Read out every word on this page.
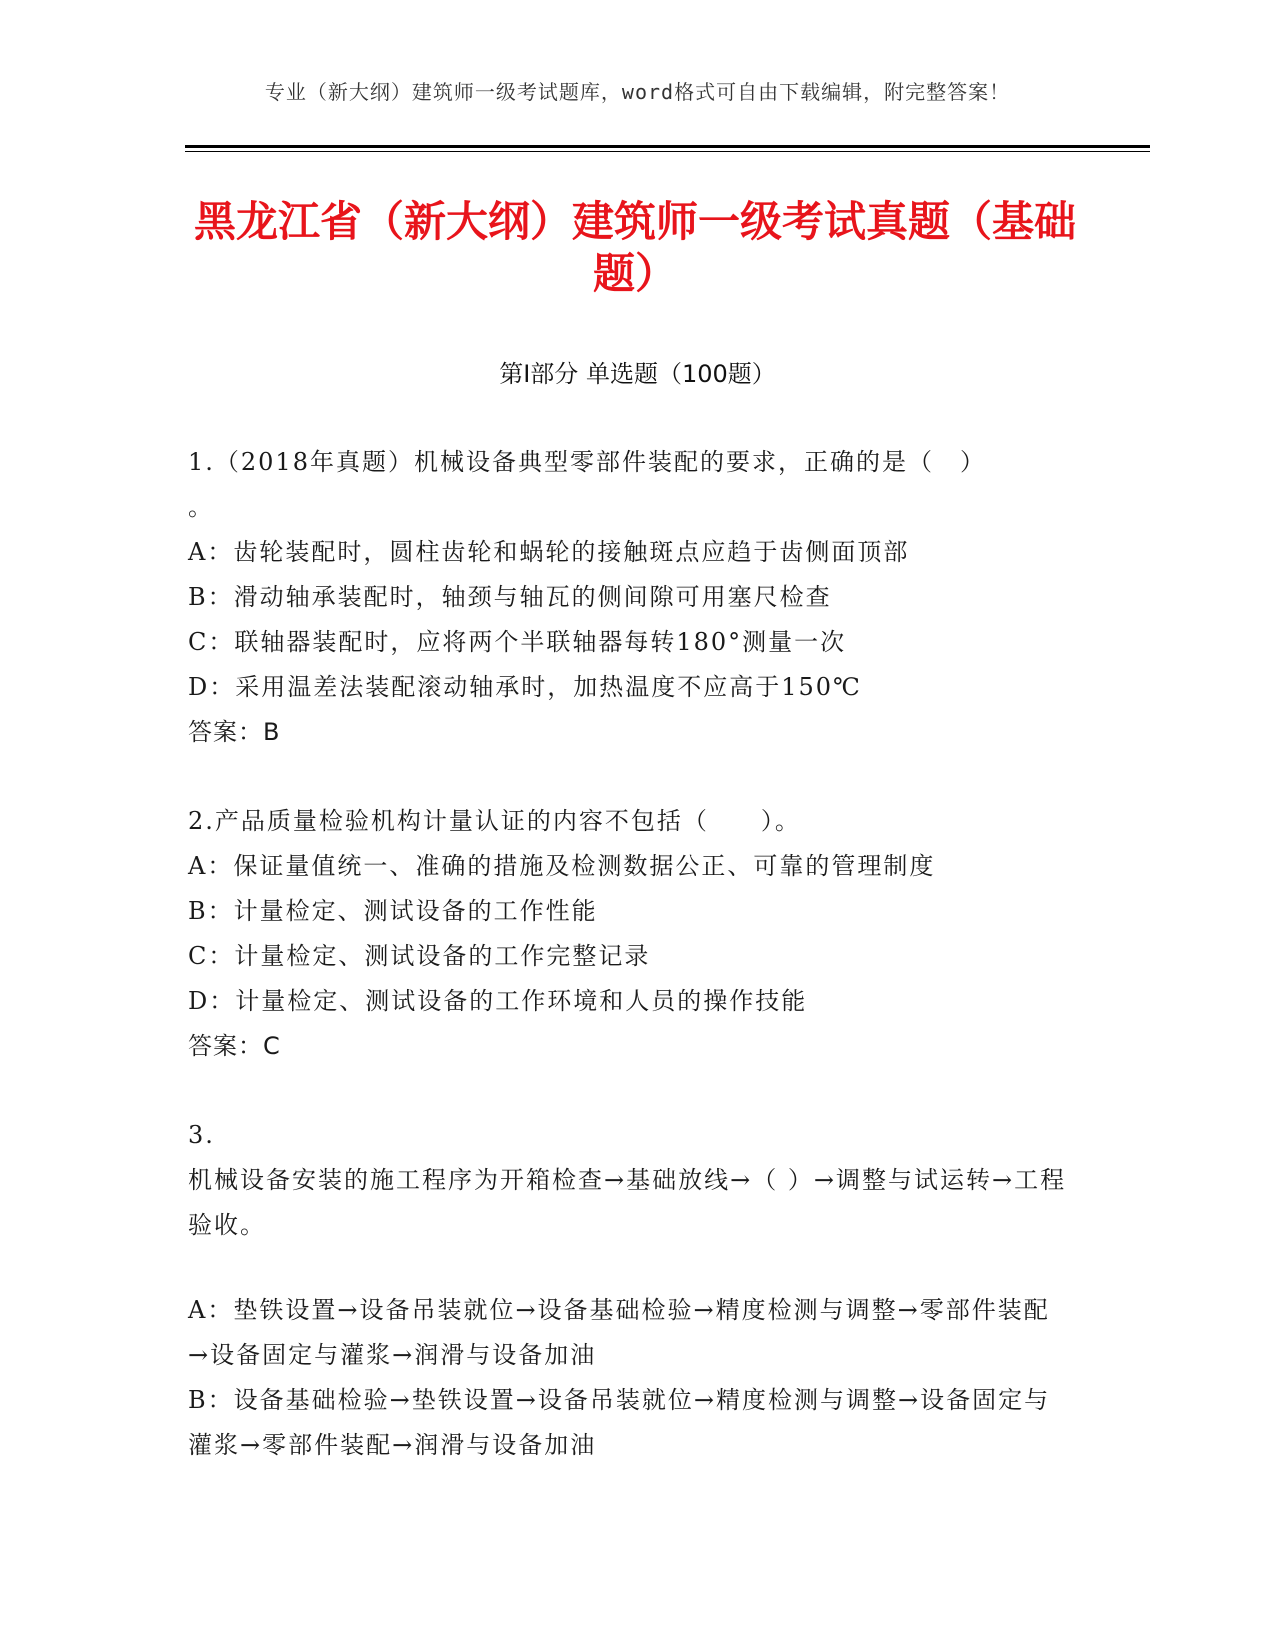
专业（新大纲）建筑师一级考试题库，word格式可自由下载编辑，附完整答案！
黑龙江省（新大纲）建筑师一级考试真题（基础题）
第Ⅰ部分 单选题（100题）
1.（2018年真题）机械设备典型零部件装配的要求，正确的是（　）
。
A：齿轮装配时，圆柱齿轮和蜗轮的接触斑点应趋于齿侧面顶部
B：滑动轴承装配时，轴颈与轴瓦的侧间隙可用塞尺检查
C：联轴器装配时，应将两个半联轴器每转180°测量一次
D：采用温差法装配滚动轴承时，加热温度不应高于150℃
答案：B
2.产品质量检验机构计量认证的内容不包括（　　）。
A：保证量值统一、准确的措施及检测数据公正、可靠的管理制度
B：计量检定、测试设备的工作性能
C：计量检定、测试设备的工作完整记录
D：计量检定、测试设备的工作环境和人员的操作技能
答案：C
3.
机械设备安装的施工程序为开箱检查→基础放线→（ ）→调整与试运转→工程验收。
A：垫铁设置→设备吊装就位→设备基础检验→精度检测与调整→零部件装配→设备固定与灌浆→润滑与设备加油
B：设备基础检验→垫铁设置→设备吊装就位→精度检测与调整→设备固定与灌浆→零部件装配→润滑与设备加油
